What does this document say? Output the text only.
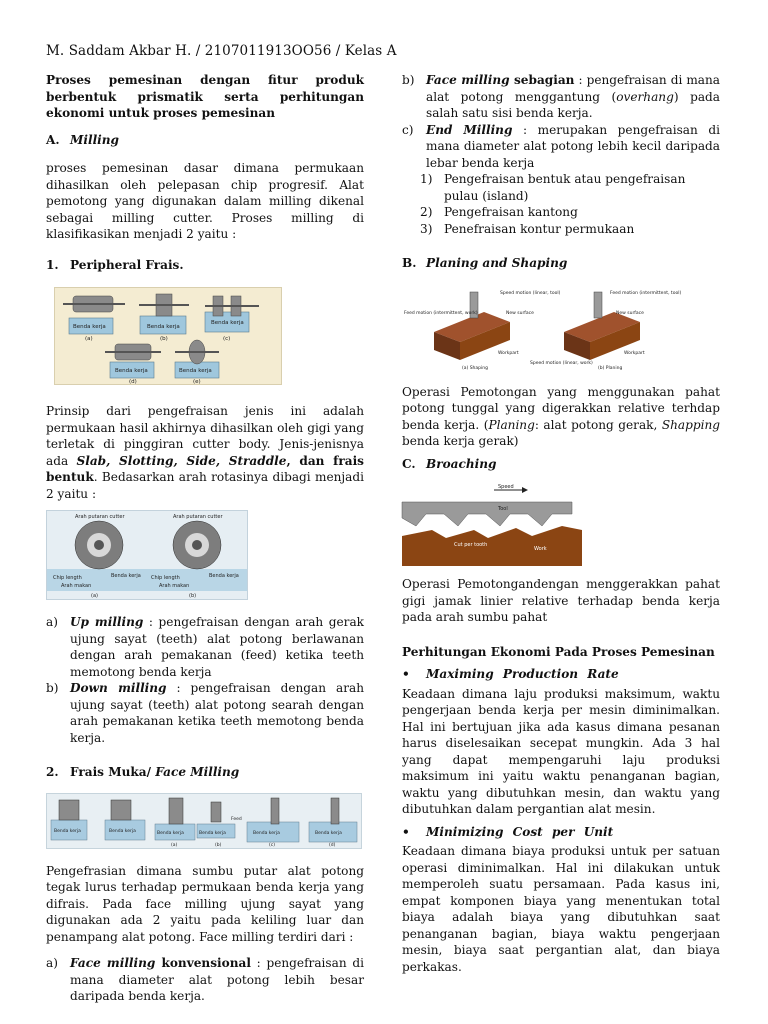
M. Saddam Akbar H. / 2107011913OO56 / Kelas A

Proses pemesinan dengan fitur produk berbentuk prismatik serta perhitungan ekonomi untuk proses pemesinan

A. Milling

proses pemesinan dasar dimana permukaan dihasilkan oleh pelepasan chip progresif. Alat pemotong yang digunakan dalam milling dikenal sebagai milling cutter. Proses milling di klasifikasikan menjadi 2 yaitu :

1. Peripheral Frais.
Benda kerja	Benda kerja
Benda kerja
Benda kerja	Benda kerja
(a)	(b)	(c)
(d)	(e)

Prinsip dari pengefraisan jenis ini adalah permukaan hasil akhirnya dihasilkan oleh gigi yang terletak di pinggiran cutter body. Jenis-jenisnya ada Slab, Slotting, Side, Straddle, dan frais bentuk. Bedasarkan arah rotasinya dibagi menjadi 2 yaitu :

Arah putaran cutter	Arah putaran cutter
Chip length	Benda kerja
Arah makan
Chip length	Benda kerja
Arah makan
(a)	(b)
a) Up milling : pengefraisan dengan arah gerak ujung sayat (teeth) alat potong berlawanan dengan arah pemakanan (feed) ketika teeth memotong benda kerja
b) Down milling : pengefraisan dengan arah ujung sayat (teeth) alat potong searah dengan arah pemakanan ketika teeth memotong benda kerja.
2. Frais Muka/ Face Milling
Benda kerja	Benda kerja	Benda kerja	Benda kerja
Feed
Benda kerja	Benda kerja
(a)	(b)	(c)	(d)

Pengefrasian dimana sumbu putar alat potong tegak lurus terhadap permukaan benda kerja yang difrais. Pada face milling ujung sayat yang digunakan ada 2 yaitu pada keliling luar dan penampang alat potong. Face milling terdiri dari :

a) Face milling konvensional : pengefraisan di mana diameter alat potong lebih besar daripada benda kerja.
b) Face milling sebagian : pengefraisan di mana alat potong menggantung (overhang) pada salah satu sisi benda kerja.
c)	End Milling : merupakan pengefraisan di mana diameter alat potong lebih kecil daripada lebar benda kerja
1) Pengefraisan bentuk atau pengefraisan pulau (island)
2) Pengefraisan kantong
3) Penefraisan kontur permukaan
B. Planing and Shaping
Speed motion (linear, tool)
Feed motion (intermittent, work)	New surface
Workpart
Feed motion (intermittent, tool)
New surface
Speed motion (linear, work)
Workpart
(a) Shaping	(b) Planing

Operasi Pemotongan yang menggunakan pahat potong tunggal yang digerakkan relative terhdap benda kerja. (Planing: alat potong gerak, Shapping benda kerja gerak)

C. Broaching
Speed
Tool
Cut per tooth
Work

Operasi Pemotongandengan menggerakkan pahat gigi jamak linier relative terhadap benda kerja pada arah sumbu pahat

Perhitungan Ekonomi Pada Proses Pemesinan

•	Maximing Production Rate

Keadaan dimana laju produksi maksimum, waktu pengerjaan benda kerja per mesin diminimalkan. Hal ini bertujuan jika ada kasus dimana pesanan harus diselesaikan secepat mungkin. Ada 3 hal yang dapat mempengaruhi laju produksi maksimum ini yaitu waktu penanganan bagian, waktu yang dibutuhkan mesin, dan waktu yang dibutuhkan dalam pergantian alat mesin.

•	Minimizing Cost per Unit

Keadaan dimana biaya produksi untuk per satuan operasi diminimalkan. Hal ini dilakukan untuk memperoleh suatu persamaan. Pada kasus ini, empat komponen biaya yang menentukan total biaya adalah biaya yang dibutuhkan saat penanganan bagian, biaya waktu pengerjaan mesin, biaya saat pergantian alat, dan biaya perkakas.
